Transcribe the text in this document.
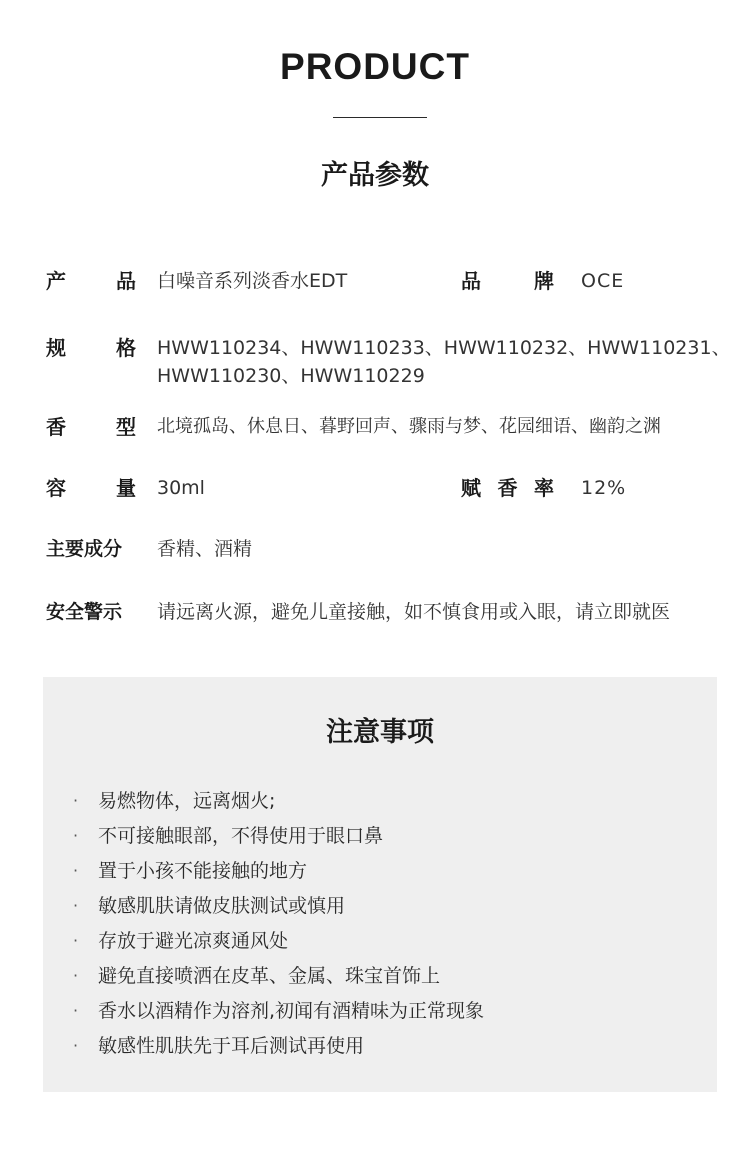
PRODUCT
产品参数
产	品 白噪音系列淡香水EDT	品	牌 OCE
规	格 HWW110234、HWW110233、HWW110232、HWW110231、
HWW110230、HWW110229
香	型 北境孤岛、休息日、暮野回声、骤雨与梦、花园细语、幽韵之渊
容	量 30ml	赋 香 率 12%
主要成分	香精、酒精
安全警示	请远离火源，避免儿童接触，如不慎食用或入眼，请立即就医
注意事项
·	易燃物体，远离烟火;
·	不可接触眼部，不得使用于眼口鼻
·	置于小孩不能接触的地方
·	敏感肌肤请做皮肤测试或慎用
·	存放于避光凉爽通风处
·	避免直接喷洒在皮革、金属、珠宝首饰上
·	香水以酒精作为溶剂,初闻有酒精味为正常现象
·	敏感性肌肤先于耳后测试再使用
